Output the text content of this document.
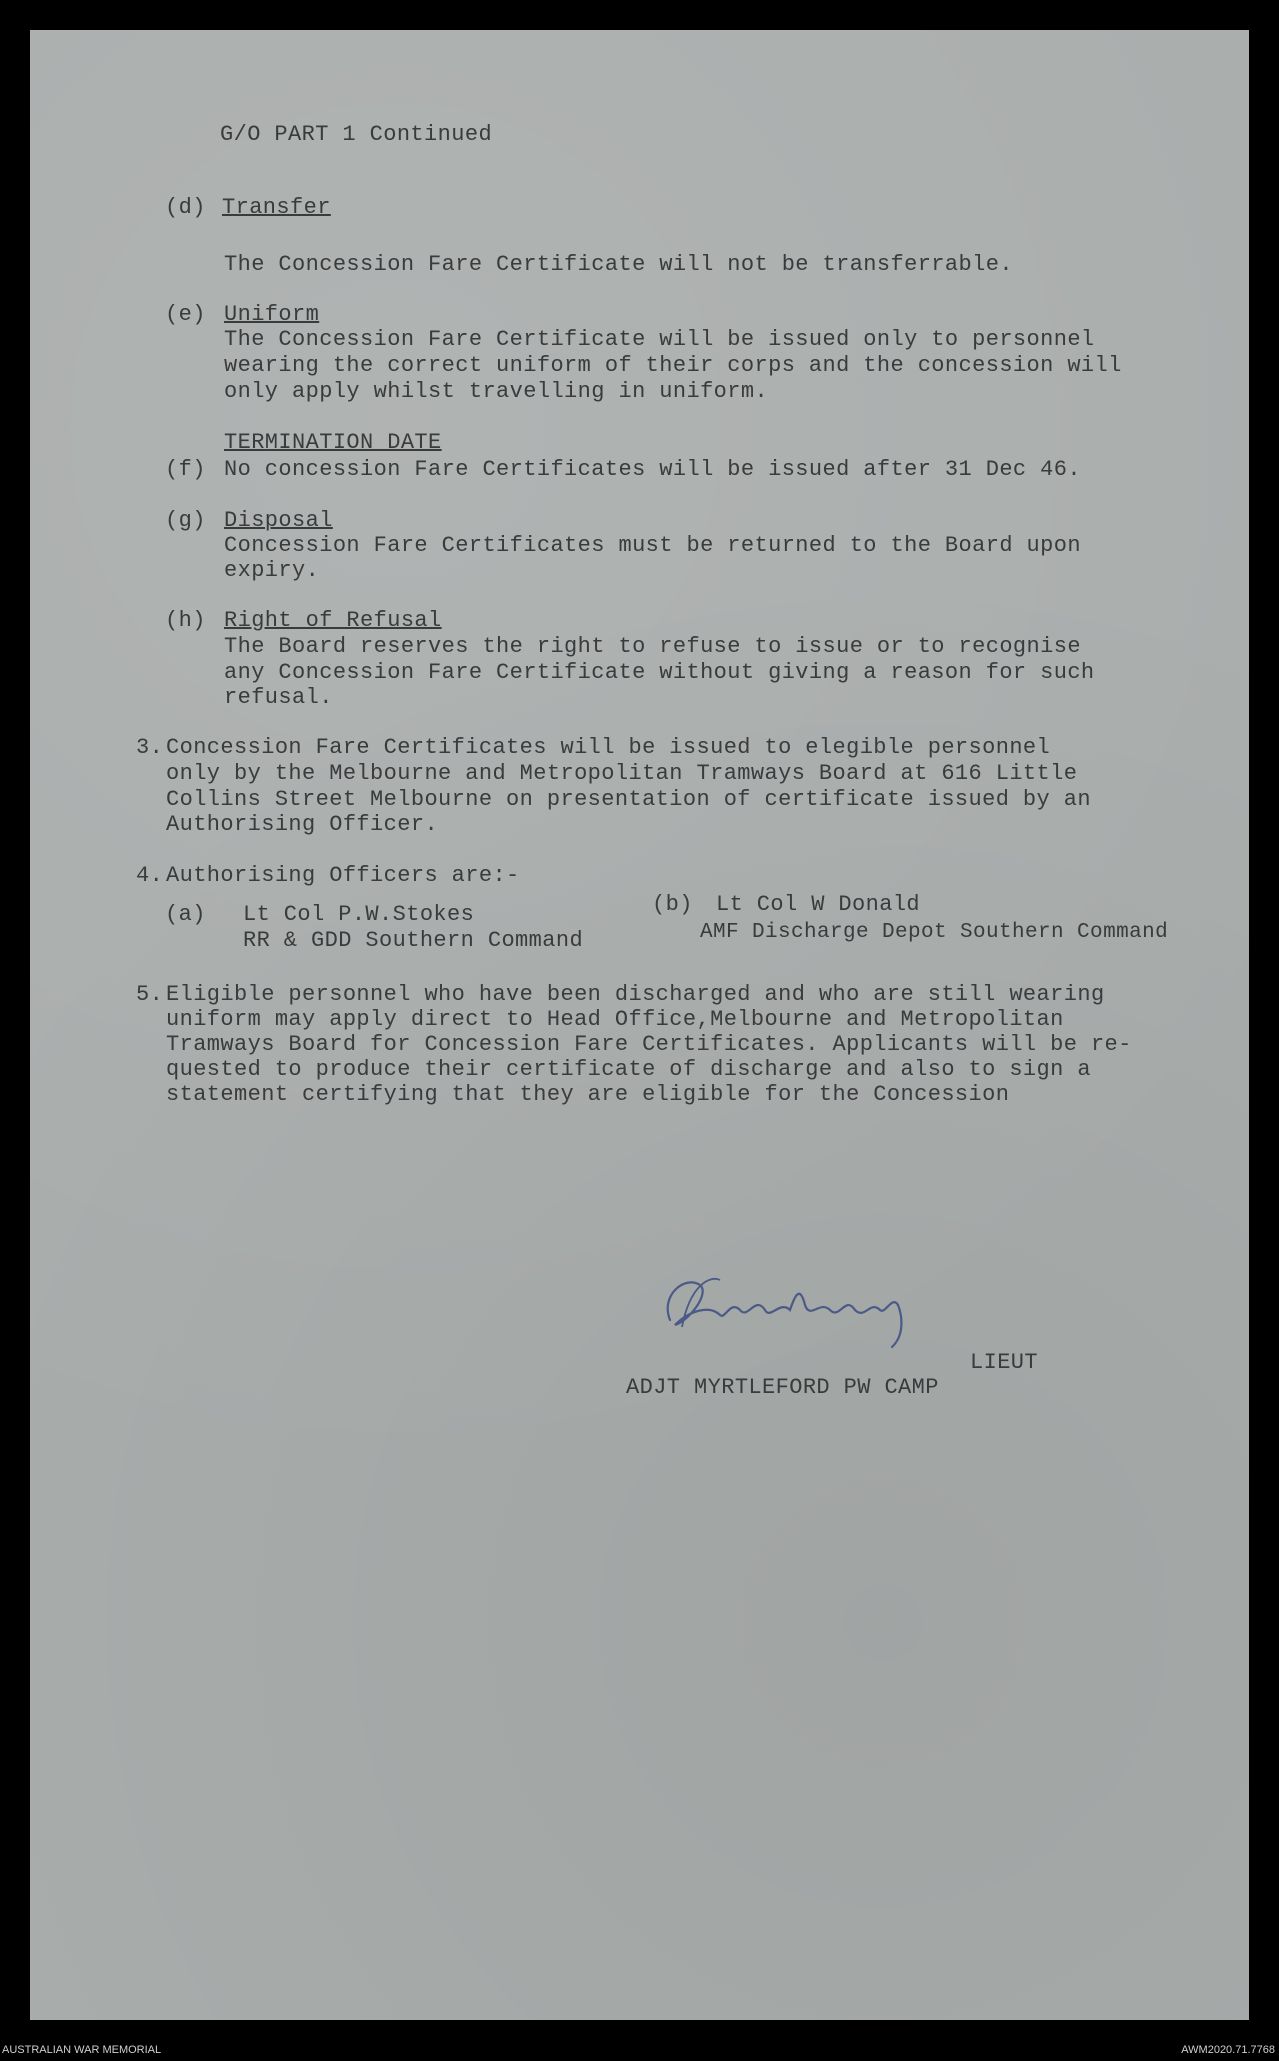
G/O PART 1 Continued
(d) Transfer
The Concession Fare Certificate will not be transferrable.
(e) Uniform
The Concession Fare Certificate will be issued only to personnel
wearing the correct uniform of their corps and the concession will
only apply whilst travelling in uniform.
TERMINATION DATE
(f) No concession Fare Certificates will be issued after 31 Dec 46.
(g) Disposal
Concession Fare Certificates must be returned to the Board upon
expiry.
(h) Right of Refusal
The Board reserves the right to refuse to issue or to recognise
any Concession Fare Certificate without giving a reason for such
refusal.
3. Concession Fare Certificates will be issued to elegible personnel
only by the Melbourne and Metropolitan Tramways Board at 616 Little
Collins Street Melbourne on presentation of certificate issued by an
Authorising Officer.
4. Authorising Officers are:-
(a) Lt Col P.W.Stokes
RR & GDD Southern Command
(b) Lt Col W Donald
AMF Discharge Depot Southern Command
5. Eligible personnel who have been discharged and who are still wearing
uniform may apply direct to Head Office,Melbourne and Metropolitan
Tramways Board for Concession Fare Certificates. Applicants will be re-
quested to produce their certificate of discharge and also to sign a
statement certifying that they are eligible for the Concession
LIEUT
ADJT MYRTLEFORD PW CAMP
AUSTRALIAN WAR MEMORIAL	AWM2020.71.7768
